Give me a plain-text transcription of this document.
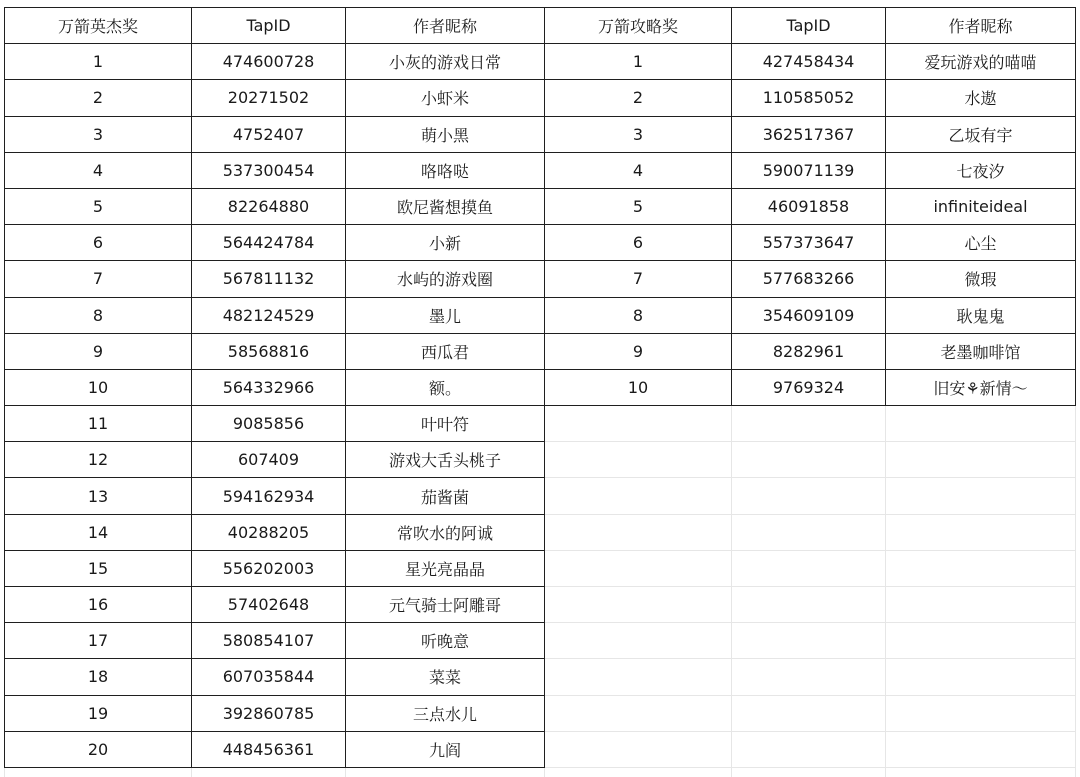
万箭英杰奖	TapID	作者昵称	万箭攻略奖	TapID	作者昵称
1	474600728	小灰的游戏日常	1	427458434	爱玩游戏的喵喵
2	20271502	小虾米	2	110585052	水遨
3	4752407	萌小黑	3	362517367	乙坂有宇
4	537300454	咯咯哒	4	590071139	七夜汐
5	82264880	欧尼酱想摸鱼	5	46091858	infiniteideal
6	564424784	小新	6	557373647	心尘
7	567811132	水屿的游戏圈	7	577683266	微瑕
8	482124529	墨儿	8	354609109	耿鬼鬼
9	58568816	西瓜君	9	8282961	老墨咖啡馆
10	564332966	额。	10	9769324	旧安⚘新情～
11	9085856	叶叶符			
12	607409	游戏大舌头桃子			
13	594162934	茄酱菌			
14	40288205	常吹水的阿诚			
15	556202003	星光亮晶晶			
16	57402648	元气骑士阿雕哥			
17	580854107	听晚意			
18	607035844	菜菜			
19	392860785	三点水儿			
20	448456361	九阎			
